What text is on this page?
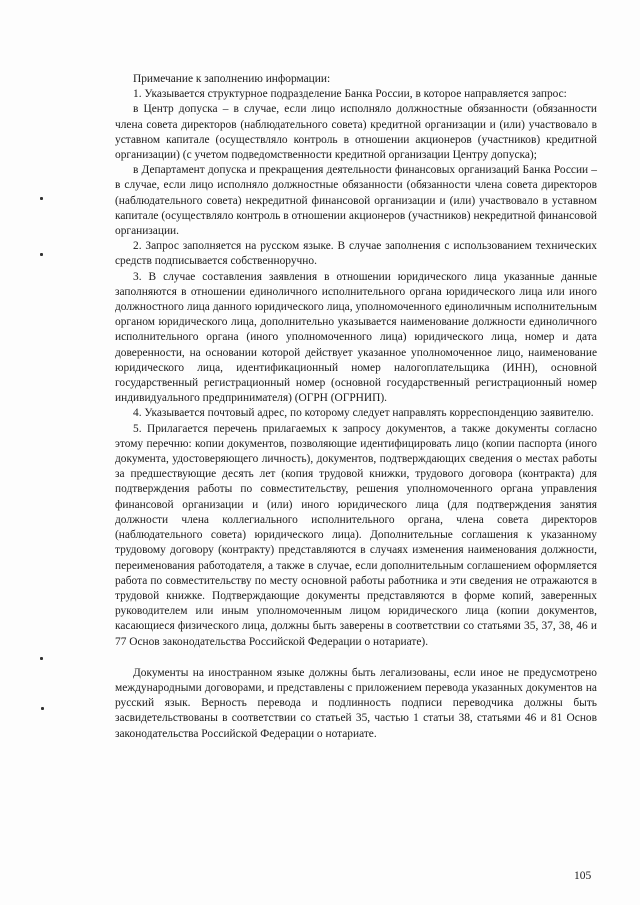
Примечание к заполнению информации:

1. Указывается структурное подразделение Банка России, в которое направляется запрос:

в Центр допуска – в случае, если лицо исполняло должностные обязанности (обязанности члена совета директоров (наблюдательного совета) кредитной организации и (или) участвовало в уставном капитале (осуществляло контроль в отношении акционеров (участников) кредитной организации) (с учетом подведомственности кредитной организации Центру допуска);

в Департамент допуска и прекращения деятельности финансовых организаций Банка России – в случае, если лицо исполняло должностные обязанности (обязанности члена совета директоров (наблюдательного совета) некредитной финансовой организации и (или) участвовало в уставном капитале (осуществляло контроль в отношении акционеров (участников) некредитной финансовой организации.

2. Запрос заполняется на русском языке. В случае заполнения с использованием технических средств подписывается собственноручно.

3. В случае составления заявления в отношении юридического лица указанные данные заполняются в отношении единоличного исполнительного органа юридического лица или иного должностного лица данного юридического лица, уполномоченного единоличным исполнительным органом юридического лица, дополнительно указывается наименование должности единоличного исполнительного органа (иного уполномоченного лица) юридического лица, номер и дата доверенности, на основании которой действует указанное уполномоченное лицо, наименование юридического лица, идентификационный номер налогоплательщика (ИНН), основной государственный регистрационный номер (основной государственный регистрационный номер индивидуального предпринимателя) (ОГРН (ОГРНИП).

4. Указывается почтовый адрес, по которому следует направлять корреспонденцию заявителю.

5. Прилагается перечень прилагаемых к запросу документов, а также документы согласно этому перечню: копии документов, позволяющие идентифицировать лицо (копии паспорта (иного документа, удостоверяющего личность), документов, подтверждающих сведения о местах работы за предшествующие десять лет (копия трудовой книжки, трудового договора (контракта) для подтверждения работы по совместительству, решения уполномоченного органа управления финансовой организации и (или) иного юридического лица (для подтверждения занятия должности члена коллегиального исполнительного органа, члена совета директоров (наблюдательного совета) юридического лица). Дополнительные соглашения к указанному трудовому договору (контракту) представляются в случаях изменения наименования должности, переименования работодателя, а также в случае, если дополнительным соглашением оформляется работа по совместительству по месту основной работы работника и эти сведения не отражаются в трудовой книжке. Подтверждающие документы представляются в форме копий, заверенных руководителем или иным уполномоченным лицом юридического лица (копии документов, касающиеся физического лица, должны быть заверены в соответствии со статьями 35, 37, 38, 46 и 77 Основ законодательства Российской Федерации о нотариате).

Документы на иностранном языке должны быть легализованы, если иное не предусмотрено международными договорами, и представлены с приложением перевода указанных документов на русский язык. Верность перевода и подлинность подписи переводчика должны быть засвидетельствованы в соответствии со статьей 35, частью 1 статьи 38, статьями 46 и 81 Основ законодательства Российской Федерации о нотариате.

105
